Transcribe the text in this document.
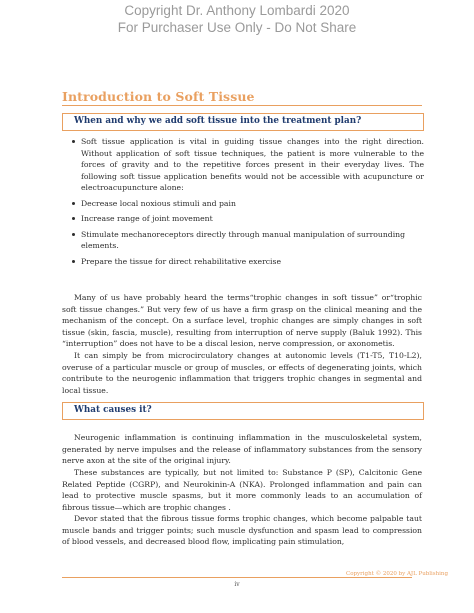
Copyright Dr. Anthony Lombardi 2020
For Purchaser Use Only - Do Not Share
Introduction to Soft Tissue
When and why we add soft tissue into the treatment plan?
Soft tissue application is vital in guiding tissue changes into the right direction. Without application of soft tissue techniques, the patient is more vulnerable to the forces of gravity and to the repetitive forces present in their everyday lives. The following soft tissue application benefits would not be accessible with acupuncture or electroacupuncture alone:
Decrease local noxious stimuli and pain
Increase range of joint movement
Stimulate mechanoreceptors directly through manual manipulation of surrounding elements.
Prepare the tissue for direct rehabilitative exercise
Many of us have probably heard the terms“trophic changes in soft tissue” or“trophic soft tissue changes.” But very few of us have a firm grasp on the clinical meaning and the mechanism of the concept. On a surface level, trophic changes are simply changes in soft tissue (skin, fascia, muscle), resulting from interruption of nerve supply (Baluk 1992). This “interruption” does not have to be a discal lesion, nerve compression, or axonometis.
It can simply be from microcirculatory changes at autonomic levels (T1-T5, T10-L2), overuse of a particular muscle or group of muscles, or effects of degenerating joints, which contribute to the neurogenic inflammation that triggers trophic changes in segmental and local tissue.
What causes it?
Neurogenic inflammation is continuing inflammation in the musculoskeletal system, generated by nerve impulses and the release of inflammatory substances from the sensory nerve axon at the site of the original injury.
These substances are typically, but not limited to: Substance P (SP), Calcitonic Gene Related Peptide (CGRP), and Neurokinin-A (NKA). Prolonged inflammation and pain can lead to protective muscle spasms, but it more commonly leads to an accumulation of fibrous tissue—which are trophic changes .
Devor stated that the fibrous tissue forms trophic changes, which become palpable taut muscle bands and trigger points; such muscle dysfunction and spasm lead to compression of blood vessels, and decreased blood flow, implicating pain stimulation,
Copyright © 2020 by AJL Publishing
iv
